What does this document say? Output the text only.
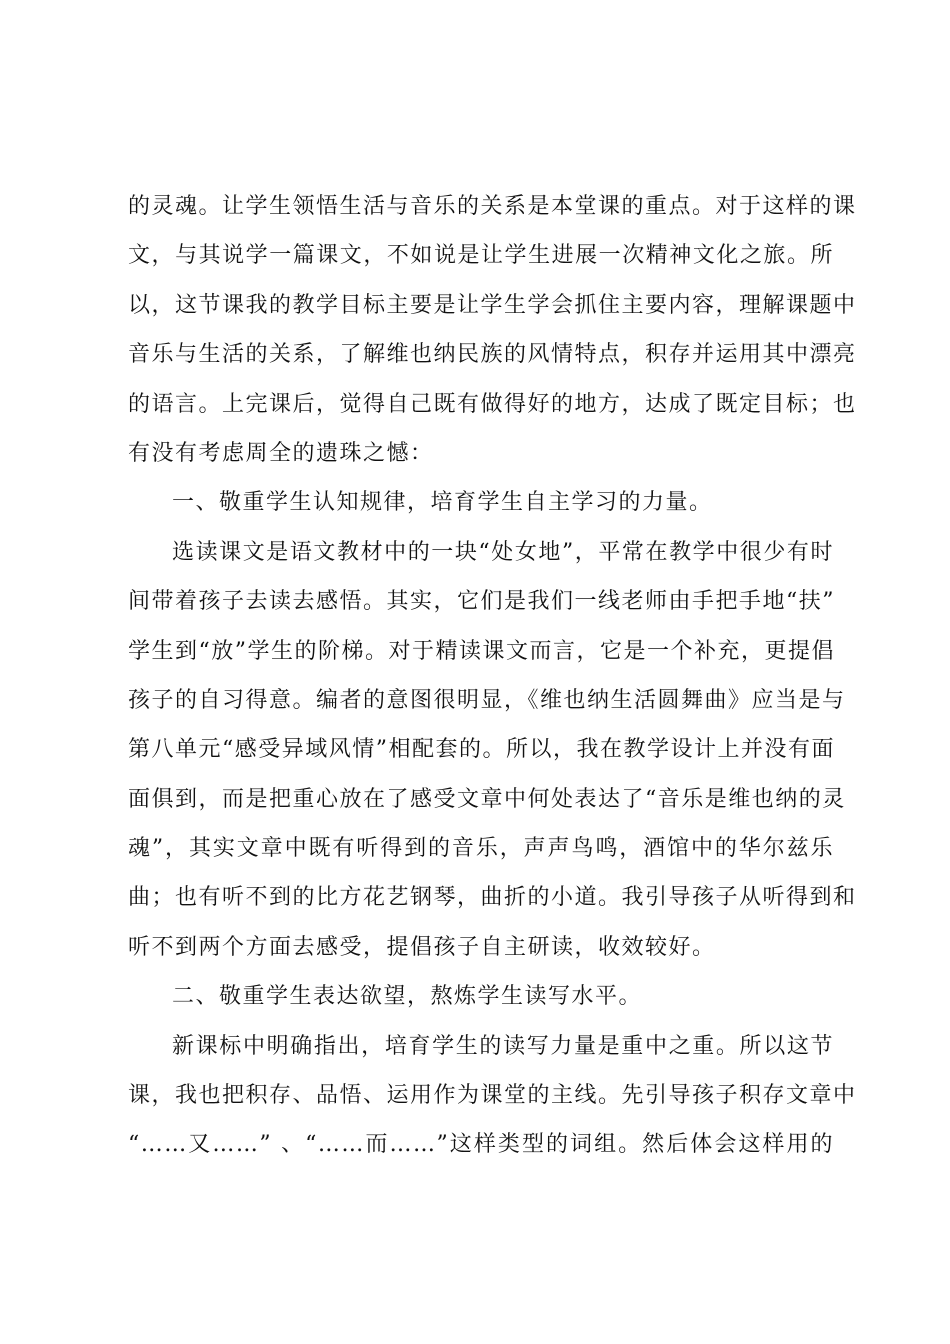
的灵魂。让学生领悟生活与音乐的关系是本堂课的重点。对于这样的课
文，与其说学一篇课文，不如说是让学生进展一次精神文化之旅。所
以，这节课我的教学目标主要是让学生学会抓住主要内容，理解课题中
音乐与生活的关系，了解维也纳民族的风情特点，积存并运用其中漂亮
的语言。上完课后，觉得自己既有做得好的地方，达成了既定目标；也
有没有考虑周全的遗珠之憾：
一、敬重学生认知规律，培育学生自主学习的力量。
选读课文是语文教材中的一块“处女地”，平常在教学中很少有时
间带着孩子去读去感悟。其实，它们是我们一线老师由手把手地“扶”
学生到“放”学生的阶梯。对于精读课文而言，它是一个补充，更提倡
孩子的自习得意。编者的意图很明显，《维也纳生活圆舞曲》应当是与
第八单元“感受异域风情”相配套的。所以，我在教学设计上并没有面
面俱到，而是把重心放在了感受文章中何处表达了“音乐是维也纳的灵
魂”，其实文章中既有听得到的音乐，声声鸟鸣，酒馆中的华尔兹乐
曲；也有听不到的比方花艺钢琴，曲折的小道。我引导孩子从听得到和
听不到两个方面去感受，提倡孩子自主研读，收效较好。
二、敬重学生表达欲望，熬炼学生读写水平。
新课标中明确指出，培育学生的读写力量是重中之重。所以这节
课，我也把积存、品悟、运用作为课堂的主线。先引导孩子积存文章中
“……又……” 、“……而……”这样类型的词组。然后体会这样用的
